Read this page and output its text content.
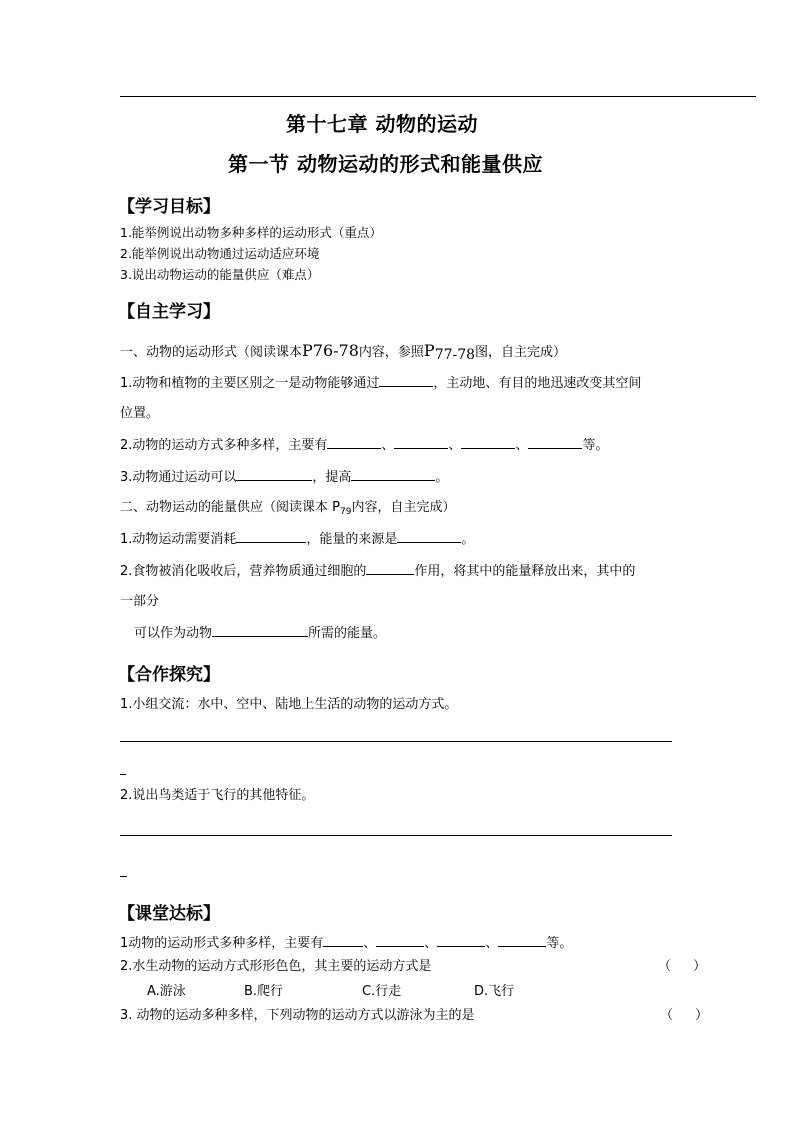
第十七章 动物的运动
第一节 动物运动的形式和能量供应
【学习目标】
1.能举例说出动物多种多样的运动形式（重点）
2.能举例说出动物通过运动适应环境
3.说出动物运动的能量供应（难点）
【自主学习】
一、动物的运动形式（阅读课本P76-78内容，参照P77-78图，自主完成）
1.动物和植物的主要区别之一是动物能够通过	，主动地、有目的地迅速改变其空间
位置。
2.动物的运动方式多种多样，主要有	、	、	、	等。
3.动物通过运动可以	，提高	。
二、动物运动的能量供应（阅读课本 $P_{79}$内容，自主完成）
1.动物运动需要消耗	，能量的来源是	。
2.食物被消化吸收后，营养物质通过细胞的	作用，将其中的能量释放出来，其中的
一部分
可以作为动物	所需的能量。
【合作探究】
1.小组交流：水中、空中、陆地上生活的动物的运动方式。
2.说出鸟类适于飞行的其他特征。
【课堂达标】
1动物的运动形式多种多样，主要有	、	、	、	等。
2.水生动物的运动方式形形色色，其主要的运动方式是	（ ）
A.游泳	B.爬行	C.行走	D.飞行
3. 动物的运动多种多样，下列动物的运动方式以游泳为主的是	（ ）
